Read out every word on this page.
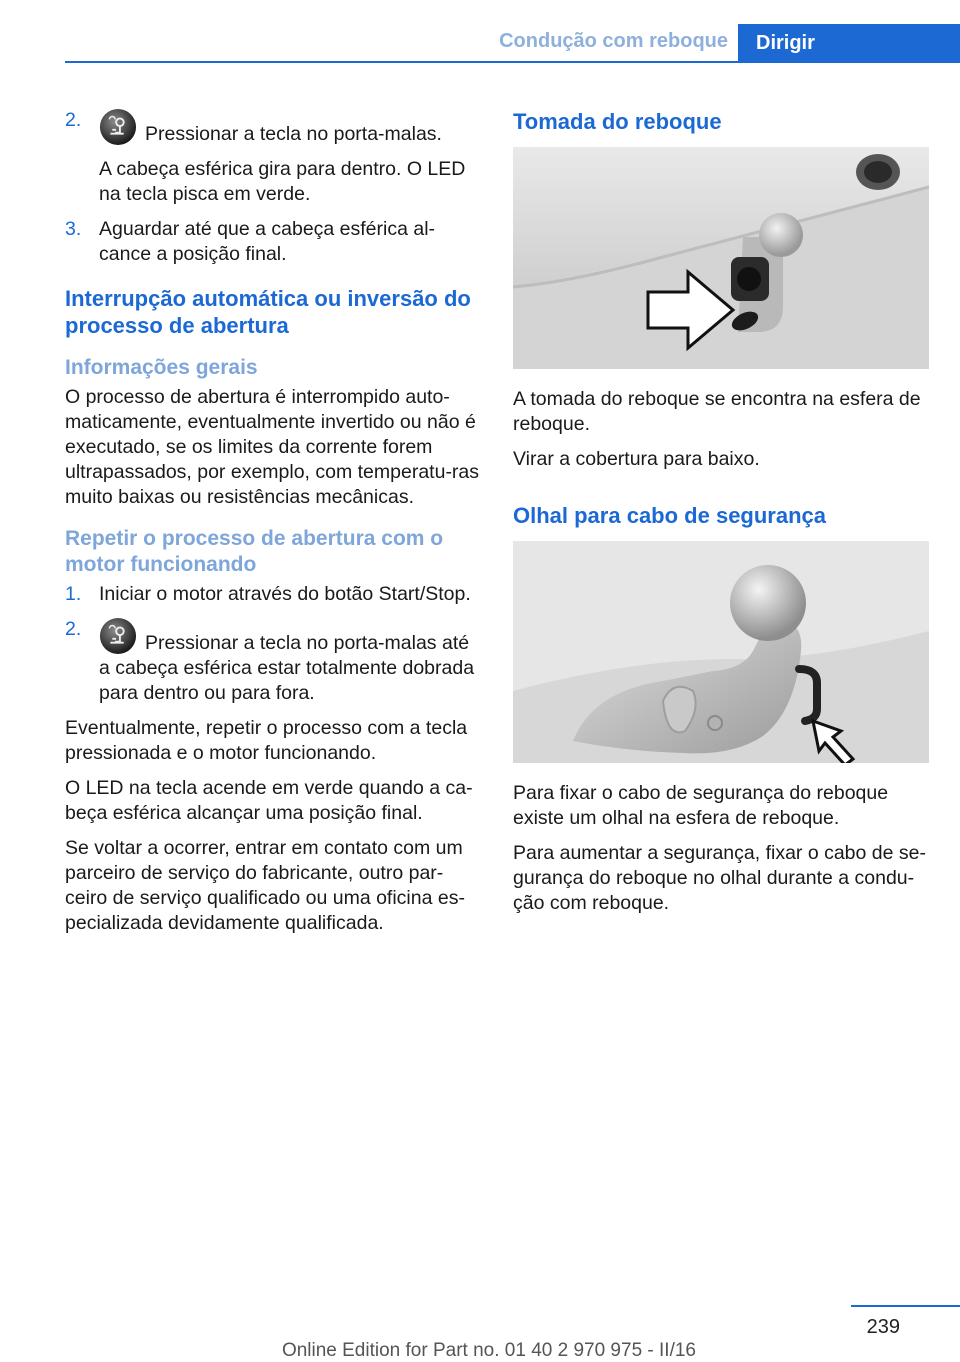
Condução com reboque	Dirigir
2.

Pressionar a tecla no porta-malas.

A cabeça esférica gira para dentro. O LED na tecla pisca em verde.

3. Aguardar até que a cabeça esférica al‐cance a posição final.

Interrupção automática ou inversão do processo de abertura
Informações gerais

O processo de abertura é interrompido auto‐maticamente, eventualmente invertido ou não é executado, se os limites da corrente forem ultrapassados, por exemplo, com temperatu‐ras muito baixas ou resistências mecânicas.

Repetir o processo de abertura com o motor funcionando
1. Iniciar o motor através do botão Start/Stop.

2.

Pressionar a tecla no porta-malas até a cabeça esférica estar totalmente dobrada para dentro ou para fora.

Eventualmente, repetir o processo com a tecla pressionada e o motor funcionando.

O LED na tecla acende em verde quando a ca‐beça esférica alcançar uma posição final.

Se voltar a ocorrer, entrar em contato com um parceiro de serviço do fabricante, outro par‐ceiro de serviço qualificado ou uma oficina es‐pecializada devidamente qualificada.

Tomada do reboque

A tomada do reboque se encontra na esfera de reboque.

Virar a cobertura para baixo.

Olhal para cabo de segurança

Para fixar o cabo de segurança do reboque existe um olhal na esfera de reboque.

Para aumentar a segurança, fixar o cabo de se‐gurança do reboque no olhal durante a condu‐ção com reboque.

239
Online Edition for Part no. 01 40 2 970 975 - II/16
